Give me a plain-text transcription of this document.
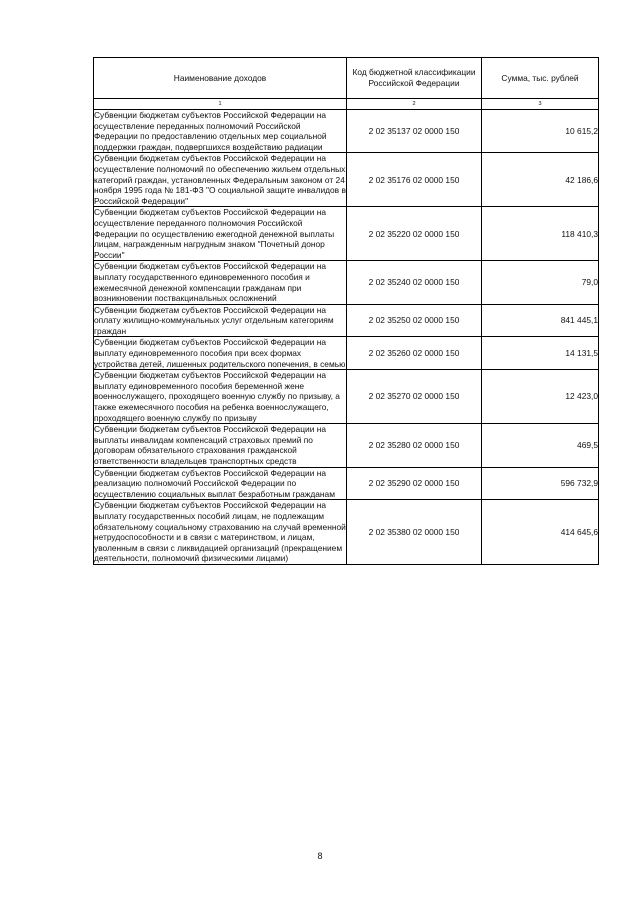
Наименование доходов	Код бюджетной классификации Российской Федерации	Сумма, тыс. рублей
1	2	3
Субвенции бюджетам субъектов Российской Федерации на осуществление переданных полномочий Российской Федерации по предоставлению отдельных мер социальной поддержки граждан, подвергшихся воздействию радиации	2 02 35137 02 0000 150	10 615,2
Субвенции бюджетам субъектов Российской Федерации на осуществление полномочий по обеспечению жильем отдельных категорий граждан, установленных Федеральным законом от 24 ноября 1995 года № 181-ФЗ "О социальной защите инвалидов в Российской Федерации"	2 02 35176 02 0000 150	42 186,6
Субвенции бюджетам субъектов Российской Федерации на осуществление переданного полномочия Российской Федерации по осуществлению ежегодной денежной выплаты лицам, награжденным нагрудным знаком "Почетный донор России"	2 02 35220 02 0000 150	118 410,3
Субвенции бюджетам субъектов Российской Федерации на выплату государственного единовременного пособия и ежемесячной денежной компенсации гражданам при возникновении поствакцинальных осложнений	2 02 35240 02 0000 150	79,0
Субвенции бюджетам субъектов Российской Федерации на оплату жилищно-коммунальных услуг отдельным категориям граждан	2 02 35250 02 0000 150	841 445,1
Субвенции бюджетам субъектов Российской Федерации на выплату единовременного пособия при всех формах устройства детей, лишенных родительского попечения, в семью	2 02 35260 02 0000 150	14 131,5
Субвенции бюджетам субъектов Российской Федерации на выплату единовременного пособия беременной жене военнослужащего, проходящего военную службу по призыву, а также ежемесячного пособия на ребенка военнослужащего, проходящего военную службу по призыву	2 02 35270 02 0000 150	12 423,0
Субвенции бюджетам субъектов Российской Федерации на выплаты инвалидам компенсаций страховых премий по договорам обязательного страхования гражданской ответственности владельцев транспортных средств	2 02 35280 02 0000 150	469,5
Субвенции бюджетам субъектов Российской Федерации на реализацию полномочий Российской Федерации по осуществлению социальных выплат безработным гражданам	2 02 35290 02 0000 150	596 732,9
Субвенции бюджетам субъектов Российской Федерации на выплату государственных пособий лицам, не подлежащим обязательному социальному страхованию на случай временной нетрудоспособности и в связи с материнством, и лицам, уволенным в связи с ликвидацией организаций (прекращением деятельности, полномочий физическими лицами)	2 02 35380 02 0000 150	414 645,6
8
